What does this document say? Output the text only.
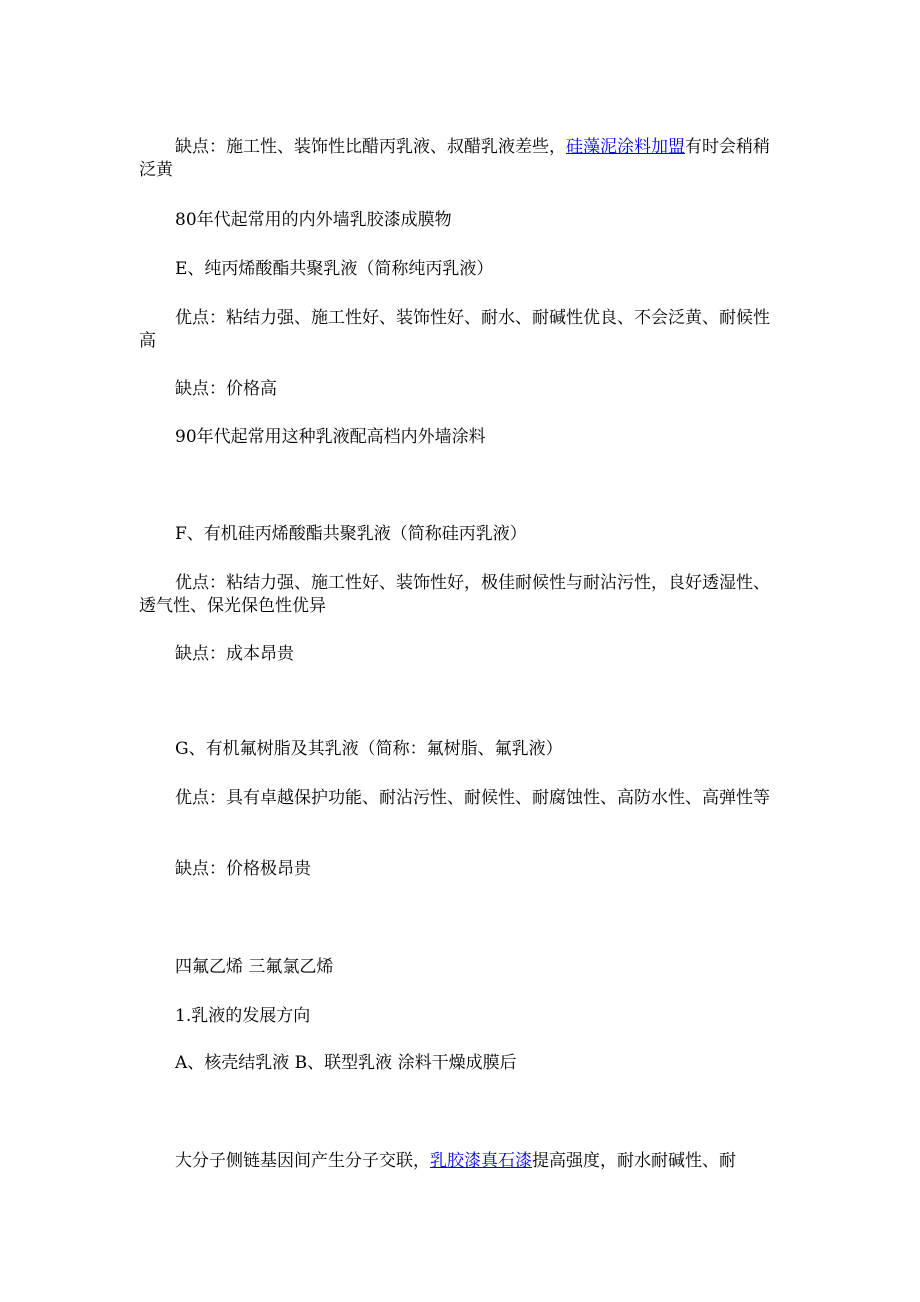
缺点：施工性、装饰性比醋丙乳液、叔醋乳液差些，硅藻泥涂料加盟有时会稍稍泛黄

80年代起常用的内外墙乳胶漆成膜物

E、纯丙烯酸酯共聚乳液（简称纯丙乳液）

优点：粘结力强、施工性好、装饰性好、耐水、耐碱性优良、不会泛黄、耐候性高

缺点：价格高

90年代起常用这种乳液配高档内外墙涂料

F、有机硅丙烯酸酯共聚乳液（简称硅丙乳液）

优点：粘结力强、施工性好、装饰性好，极佳耐候性与耐沾污性，良好透湿性、透气性、保光保色性优异

缺点：成本昂贵

G、有机氟树脂及其乳液（简称：氟树脂、氟乳液）

优点：具有卓越保护功能、耐沾污性、耐候性、耐腐蚀性、高防水性、高弹性等

缺点：价格极昂贵

四氟乙烯 三氟氯乙烯

1.乳液的发展方向

A、核壳结乳液 B、联型乳液 涂料干燥成膜后

大分子侧链基因间产生分子交联，乳胶漆真石漆提高强度，耐水耐碱性、耐
